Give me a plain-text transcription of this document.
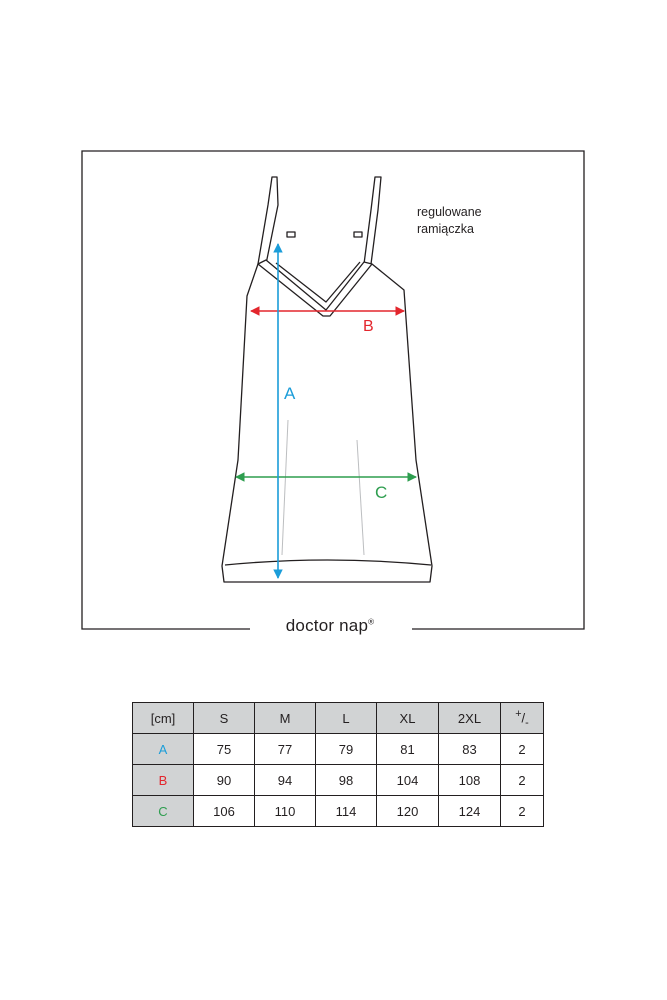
A
B
C
regulowane
ramiączka
doctor nap®
[cm]	S	M	L	XL	2XL	$^+/_-$
A	75	77	79	81	83	2
B	90	94	98	104	108	2
C	106	110	114	120	124	2
